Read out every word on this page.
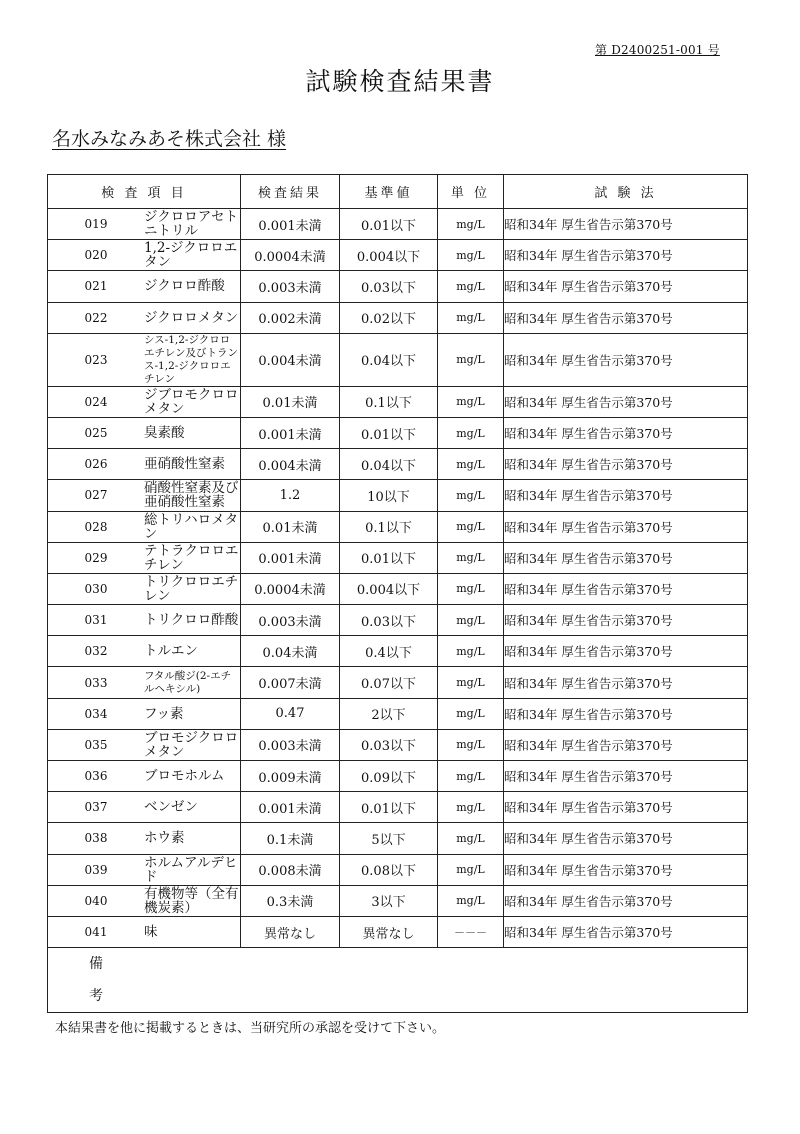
第 D2400251-001 号
試験検査結果書
名水みなみあそ株式会社 様
検 査 項 目		検査結果	基準値	単 位	試 験 法
019	ジクロロアセトニトリル	0.001未満	0.01以下	mg/L	昭和34年 厚生省告示第370号
020	1,2-ジクロロエタン	0.0004未満	0.004以下	mg/L	昭和34年 厚生省告示第370号
021	ジクロロ酢酸	0.003未満	0.03以下	mg/L	昭和34年 厚生省告示第370号
022	ジクロロメタン	0.002未満	0.02以下	mg/L	昭和34年 厚生省告示第370号
023	シス-1,2-ジクロロエチレン及びトランス-1,2-ジクロロエチレン	0.004未満	0.04以下	mg/L	昭和34年 厚生省告示第370号
024	ジブロモクロロメタン	0.01未満	0.1以下	mg/L	昭和34年 厚生省告示第370号
025	臭素酸	0.001未満	0.01以下	mg/L	昭和34年 厚生省告示第370号
026	亜硝酸性窒素	0.004未満	0.04以下	mg/L	昭和34年 厚生省告示第370号
027	硝酸性窒素及び亜硝酸性窒素	1.2	10以下	mg/L	昭和34年 厚生省告示第370号
028	総トリハロメタン	0.01未満	0.1以下	mg/L	昭和34年 厚生省告示第370号
029	テトラクロロエチレン	0.001未満	0.01以下	mg/L	昭和34年 厚生省告示第370号
030	トリクロロエチレン	0.0004未満	0.004以下	mg/L	昭和34年 厚生省告示第370号
031	トリクロロ酢酸	0.003未満	0.03以下	mg/L	昭和34年 厚生省告示第370号
032	トルエン	0.04未満	0.4以下	mg/L	昭和34年 厚生省告示第370号
033	フタル酸ジ(2-エチルヘキシル)	0.007未満	0.07以下	mg/L	昭和34年 厚生省告示第370号
034	フッ素	0.47	2以下	mg/L	昭和34年 厚生省告示第370号
035	ブロモジクロロメタン	0.003未満	0.03以下	mg/L	昭和34年 厚生省告示第370号
036	ブロモホルム	0.009未満	0.09以下	mg/L	昭和34年 厚生省告示第370号
037	ベンゼン	0.001未満	0.01以下	mg/L	昭和34年 厚生省告示第370号
038	ホウ素	0.1未満	5以下	mg/L	昭和34年 厚生省告示第370号
039	ホルムアルデヒド	0.008未満	0.08以下	mg/L	昭和34年 厚生省告示第370号
040	有機物等（全有機炭素）	0.3未満	3以下	mg/L	昭和34年 厚生省告示第370号
041	味	異常なし	異常なし	－－－	昭和34年 厚生省告示第370号

備
考					

本結果書を他に掲載するときは、当研究所の承認を受けて下さい。
